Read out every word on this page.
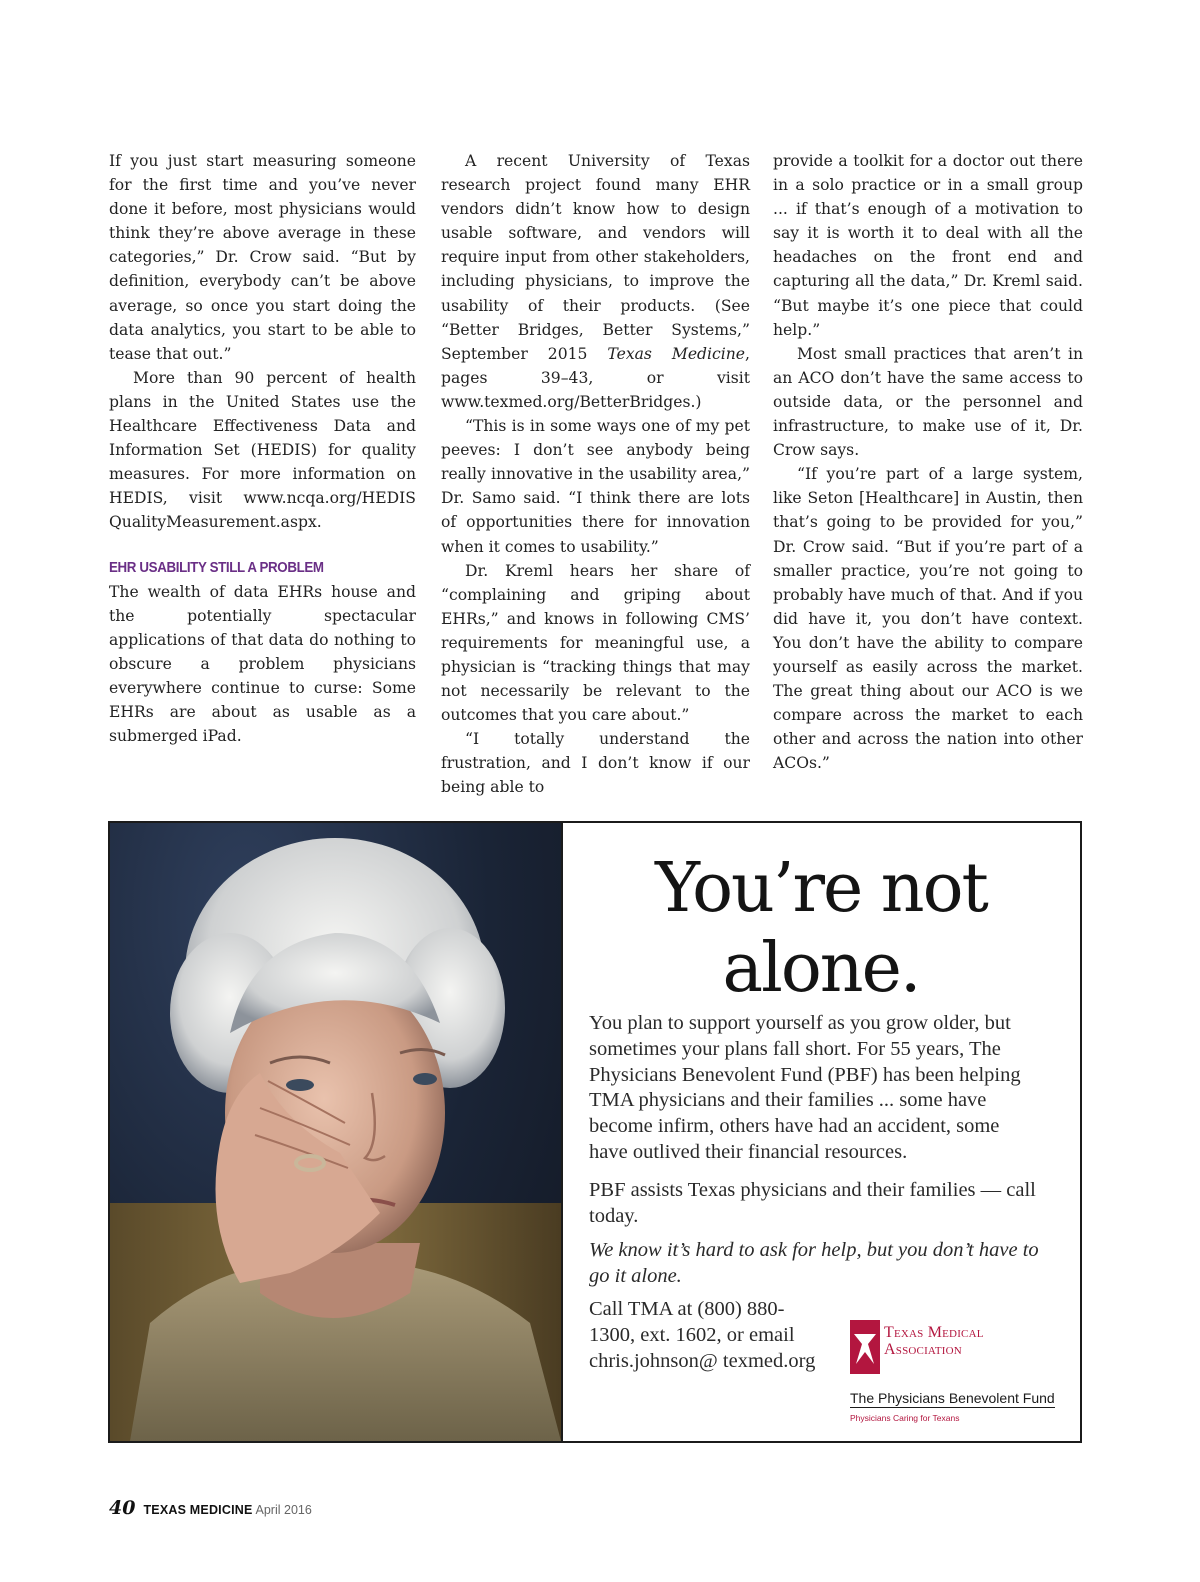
If you just start measuring someone for the first time and you’ve never done it before, most physicians would think they’re above average in these categories,” Dr. Crow said. “But by definition, everybody can’t be above average, so once you start doing the data analytics, you start to be able to tease that out.”

More than 90 percent of health plans in the United States use the Healthcare Effectiveness Data and Information Set (HEDIS) for quality measures. For more information on HEDIS, visit www.ncqa.org/HEDIS QualityMeasurement.aspx.

EHR USABILITY STILL A PROBLEM

The wealth of data EHRs house and the potentially spectacular applications of that data do nothing to obscure a problem physicians everywhere continue to curse: Some EHRs are about as usable as a submerged iPad.

A recent University of Texas research project found many EHR vendors didn’t know how to design usable software, and vendors will require input from other stakeholders, including physicians, to improve the usability of their products. (See “Better Bridges, Better Systems,” September 2015 Texas Medicine, pages 39–43, or visit www.texmed.org/BetterBridges.)

“This is in some ways one of my pet peeves: I don’t see anybody being really innovative in the usability area,” Dr. Samo said. “I think there are lots of opportunities there for innovation when it comes to usability.”

Dr. Kreml hears her share of “complaining and griping about EHRs,” and knows in following CMS’ requirements for meaningful use, a physician is “tracking things that may not necessarily be relevant to the outcomes that you care about.”

“I totally understand the frustration, and I don’t know if our being able to

provide a toolkit for a doctor out there in a solo practice or in a small group ... if that’s enough of a motivation to say it is worth it to deal with all the headaches on the front end and capturing all the data,” Dr. Kreml said. “But maybe it’s one piece that could help.”

Most small practices that aren’t in an ACO don’t have the same access to outside data, or the personnel and infrastructure, to make use of it, Dr. Crow says.

“If you’re part of a large system, like Seton [Healthcare] in Austin, then that’s going to be provided for you,” Dr. Crow said. “But if you’re part of a smaller practice, you’re not going to probably have much of that. And if you did have it, you don’t have context. You don’t have the ability to compare yourself as easily across the market. The great thing about our ACO is we compare across the market to each other and across the nation into other ACOs.”

You’re not
alone.

You plan to support yourself as you grow older, but sometimes your plans fall short. For 55 years, The Physicians Benevolent Fund (PBF) has been helping TMA physicians and their families ... some have become infirm, others have had an accident, some have outlived their financial resources.

PBF assists Texas physicians and their families — call today.

We know it’s hard to ask for help, but you don’t have to go it alone.

Call TMA at (800) 880-1300, ext. 1602, or email chris.johnson@ texmed.org

Texas Medical
Association
The Physicians Benevolent Fund
Physicians Caring for Texans
40 TEXAS MEDICINE April 2016
